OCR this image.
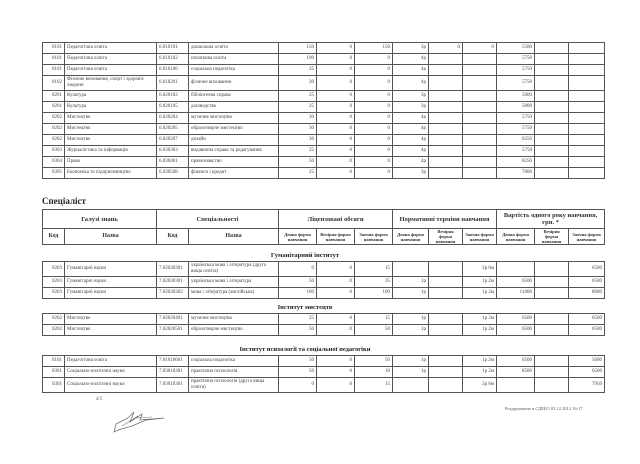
0101	Педагогічна освіта	6.010101	дошкільна освіта	150	0	150	3р	0	0	5500		
0101	Педагогічна освіта	6.010102	початкова освіта	190	0	0	4р			5750		
0101	Педагогічна освіта	6.010106	соціальна педагогіка	25	0	0	4р			5750		
0102	Фізичне виховання, спорт і здоров'я людини	6.010201	фізичне виховання	30	0	0	4р			5750		
0201	Культура	6.020102	бібліотечна справа	25	0	0	3р			5000		
0201	Культура	6.020105	діловодство	25	0	0	3р			5000		
0202	Мистецтво	6.020204	музичне мистецтво	30	0	0	4р			5750		
0202	Мистецтво	6.020205	образотворче мистецтво	30	0	0	4р			5750		
0202	Мистецтво	6.020207	дизайн	30	0	0	4р			6250		
0303	Журналістика та інформація	6.030303	видавнича справа та редагування	25	0	0	4р			5750		
0304	Право	6.030401	правознавство	50	0	0	4р			8250		
0305	Економіка та підприємництво	6.030508	фінанси і кредит	25	0	0	3р			7000		
Спеціаліст
Галузі знань		Спеціальності		Ліцензовані обсяги			Нормативні терміни навчання			Вартість одного року навчання, грн. *		
Код	Назва	Код	Назва	Денна форма навчання	Вечірня форма навчання	Заочна форма навчання	Денна форма навчання	Вечірня форма навчання	Заочна форма навчання	Денна форма навчання	Вечірня форма навчання	Заочна форма навчання
Гуманітарний інститут
0203	Гуманітарні науки	7.02030301	українська мова і література (друга вища освіта)	0	0	15			2р 6м			6500
0203	Гуманітарні науки	7.02030301	українська мова і література	50	0	35	1р		1р 2м	6500		6500
0203	Гуманітарні науки	7.02030302	мова і література (англійська)	100	0	100	1р		1р 2м	11000		8000
Інститут мистецтв
0202	Мистецтво	7.02020401	музичне мистецтво	25	0	15	1р		1р 2м	6500		6500
0202	Мистецтво	7.02020501	образотворче мистецтво	50	0	50	1р		1р 2м	6500		6500
Інститут психології та соціальної педагогіки
0101	Педагогічна освіта	7.01010601	соціальна педагогіка	50	0	50	1р		1р 2м	6500		5000
0301	Соціально-політичні науки	7.03010301	практична психологія	50	0	10	1р		1р 2м	8500		6500
0301	Соціально-політичні науки	7.03010301	практична психологія (друга вища освіта)	0	0	15			2р 6м			7950
4/5
Роздруковано в СДЕБО 05.12.2012 16:17
